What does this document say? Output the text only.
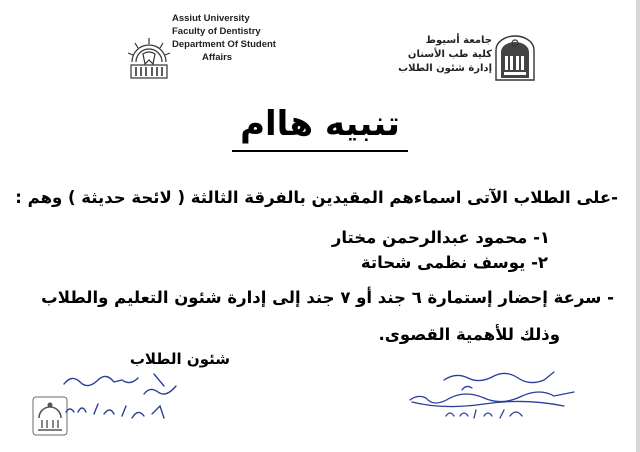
Assiut University
Faculty of Dentistry
Department Of Student
Affairs
جامعة أسيوط
كلية طب الأسنان
إدارة شئون الطلاب
تنبيه هاام
-على الطلاب الآتى اسماءهم المقيدين بالفرقة الثالثة ( لائحة حديثة ) وهم :
١- محمود عبدالرحمن مختار
٢- يوسف نظمى شحاتة
- سرعة إحضار إستمارة ٦ جند أو ٧ جند إلى إدارة شئون التعليم والطلاب
وذلك للأهمية القصوى.
شئون الطلاب
